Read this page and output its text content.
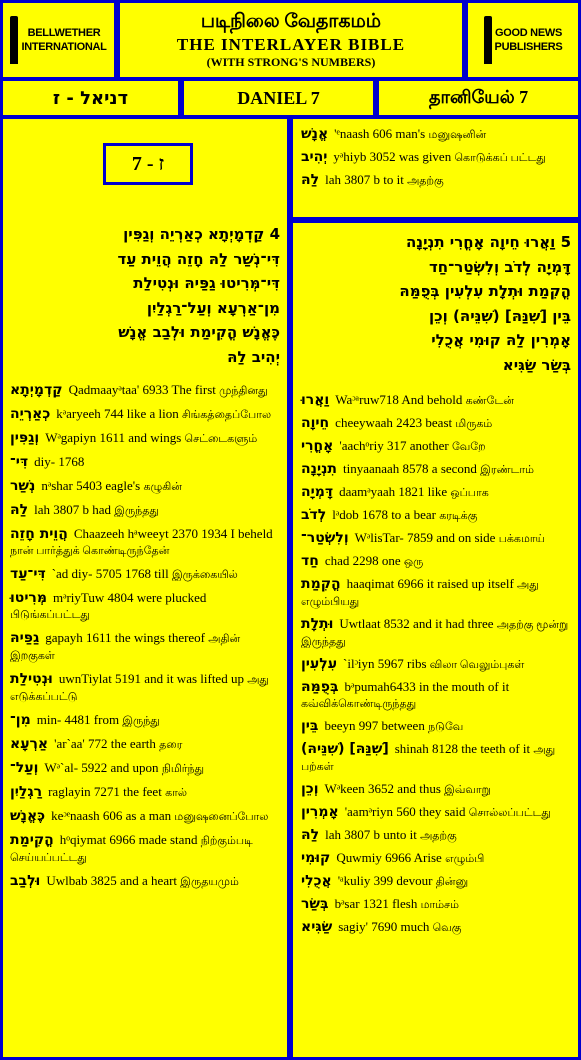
BELLWETHER
INTERNATIONAL
படிநிலை வேதாகமம்
THE INTERLAYER BIBLE
(WITH STRONG'S NUMBERS)
GOOD NEWS
PUBLISHERS
דניאל - ז	DANIEL 7	தானியேல் 7
ז - 7
4 קַדְמָיְתָא כְאַרְיֵה וְגַפִּין
דִּי־נְשַׁר לַהּ חָזֵה הֲוֵית עַד
דִּי־מְּרִיטוּ גַפַּיהּ וּנְטִילַת
מִן־אַרְעָא וְעַל־רַגְלַיִן
כֶּאֱנָשׁ הֳקִימַת וּלְבַב אֱנָשׁ
יְהִיב לַהּ
קַדְמָיְתָא Qadmaayᵊtaa' 6933 The first முந்தினது
כְאַרְיֵה kᵊaryeeh 744 like a lion சிங்கத்தைப்போல
וְגַפִּין Wᵊgapiyn 1611 and wings செட்டைகளும்
דִּי־ diy- 1768
נְשַׁר nᵊshar 5403 eagle's கழுகின்
לַהּ lah 3807 b had இருந்தது
הֲוֵית חָזֵה Chaazeeh hᵃweeyt 2370 1934 I beheld நான் பார்த்துக் கொண்டிருந்தேன்
דִּי־עַד `ad diy- 5705 1768 till இருக்கையில்
מְּרִיטוּ mᵊriyTuw 4804 were plucked பிடுங்கப்பட்டது
גַפַּיהּ gapayh 1611 the wings thereof அதின் இறகுகள்
וּנְטִילַת uwnTiylat 5191 and it was lifted up அது எடுக்கப்பட்டு
מִן־ min- 4481 from இருந்து
אַרְעָא 'ar`aa' 772 the earth தரை
וְעַל־ Wᵊ`al- 5922 and upon நிமிர்ந்து
רַגְלַיִן raglayin 7271 the feet கால்
כֶּאֱנָשׁ keᵓᵉnaash 606 as a man மனுஷனைப்போல
הֳקִימַת hᵒqiymat 6966 made stand நிற்கும்படி செய்யப்பட்டது
וּלְבַב Uwlbab 3825 and a heart இருதயமும்
אֱנָשׁ 'ᵉnaash 606 man's மனுஷனின்
יְהִיב yᵊhiyb 3052 was given கொடுக்கப் பட்டது
לַהּ lah 3807 b to it அதற்கு
5 וַאֲרוּ חֵיוָה אָחֳרִי תִנְיָנָה
דָּמְיָה לְדֹב וְלִשְׂטַר־חַד
הֳקִמַת וּתְלָת עִלְעִין בְּפֻמַּהּ
בֵּין [שִׁנַּהּ] (שִׁנֵּיהּ) וְכֵן
אָמְרִין לַהּ קוּמִי אֲכֻלִי
בְּשַׂר שַׂגִּיא
וַאֲרוּ Waᵓᵃruw718 And behold கண்டேன்
חֵיוָה cheeywaah 2423 beast மிருகம்
אָחֳרִי 'aachᵒriy 317 another வேறே
תִנְיָנָה tinyaanaah 8578 a second இரண்டாம்
דָּמְיָה daamᵊyaah 1821 like ஒப்பாக
לְדֹב lᵊdob 1678 to a bear கரடிக்கு
וְלִשְׂטַר־ WᵊlisTar- 7859 and on side பக்கமாய்
חַד chad 2298 one ஒரு
הֳקִמַת haaqimat 6966 it raised up itself அது எழும்பியது
וּתְלָת Uwtlaat 8532 and it had three அதற்கு மூன்று இருந்தது
עִלְעִין `ilᵓiyn 5967 ribs விலா வெலும்புகள்
בְּפֻמַּהּ bᵊpumah6433 in the mouth of it கவ்விக்கொண்டிருந்தது
בֵּין beeyn 997 between நடுவே
[שִׁנַּהּ] (שִׁנֵּיהּ) shinah 8128 the teeth of it அது பற்கள்
וְכֵן Wᵊkeen 3652 and thus இவ்வாறு
אָמְרִין 'aamᵊriyn 560 they said சொல்லப்பட்டது
לַהּ lah 3807 b unto it அதற்கு
קוּמִי Quwmiy 6966 Arise எழும்பி
אֲכֻלִי 'ᵃkuliy 399 devour தின்னு
בְּשַׂר bᵊsar 1321 flesh மாம்சம்
שַׂגִּיא sagiy' 7690 much வெகு
